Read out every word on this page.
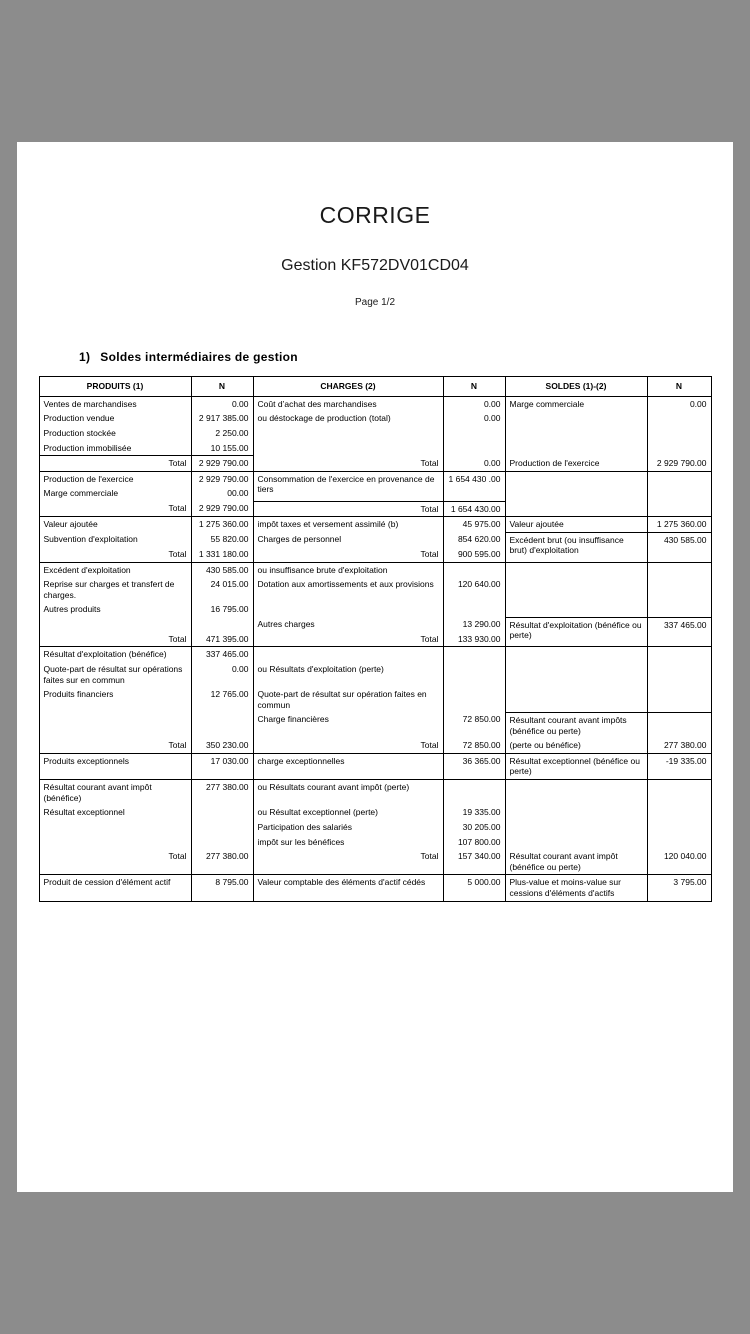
CORRIGE
Gestion KF572DV01CD04
Page 1/2
1) Soldes intermédiaires de gestion
PRODUITS (1)	N	CHARGES (2)	N	SOLDES (1)-(2)	N
Ventes de marchandises	0.00	Coût d’achat des marchandises	0.00	Marge commerciale	0.00
Production vendue	2 917 385.00	ou déstockage de production (total)	0.00		
Production stockée	2 250.00				
Production immobilisée	10 155.00				
Total	2 929 790.00	Total	0.00	Production de l'exercice	2 929 790.00
Production de l'exercice	2 929 790.00	Consommation de l'exercice en provenance de tiers	1 654 430 .00		
Marge commerciale	00.00				
Total	2 929 790.00	Total	1 654 430.00		
Valeur ajoutée	1 275 360.00	impôt taxes et versement assimilé (b)	45 975.00	Valeur ajoutée	1 275 360.00
Subvention d'exploitation	55 820.00	Charges de personnel	854 620.00	Excédent brut (ou insuffisance brut) d'exploitation	430 585.00
Total	1 331 180.00	Total	900 595.00		
Excédent d'exploitation	430 585.00	ou insuffisance brute d'exploitation			
Reprise sur charges et transfert de charges.	24 015.00	Dotation aux amortissements et aux provisions	120 640.00		
Autres produits	16 795.00				
		Autres charges	13 290.00	Résultat d'exploitation (bénéfice ou perte)	337 465.00
Total	471 395.00	Total	133 930.00		
Résultat d'exploitation (bénéfice)	337 465.00				
Quote-part de résultat sur opérations faites sur en commun	0.00	ou Résultats d'exploitation (perte)			
Produits financiers	12 765.00	Quote-part de résultat sur opération faites en commun			
		Charge financières	72 850.00	Résultant courant avant impôts (bénéfice ou perte)	
Total	350 230.00	Total	72 850.00	(perte ou bénéfice)	277 380.00
Produits exceptionnels	17 030.00	charge exceptionnelles	36 365.00	Résultat exceptionnel (bénéfice ou perte)	-19 335.00
Résultat courant avant impôt (bénéfice)	277 380.00	ou Résultats courant avant impôt (perte)			
Résultat exceptionnel		ou Résultat exceptionnel (perte)	19 335.00		
		Participation des salariés	30 205.00		
		impôt sur les bénéfices	107 800.00		
Total	277 380.00	Total	157 340.00	Résultat courant avant impôt (bénéfice ou perte)	120 040.00
Produit de cession d'élément actif	8 795.00	Valeur comptable des éléments d'actif cédés	5 000.00	Plus-value et moins-value sur cessions d'éléments d'actifs	3 795.00
